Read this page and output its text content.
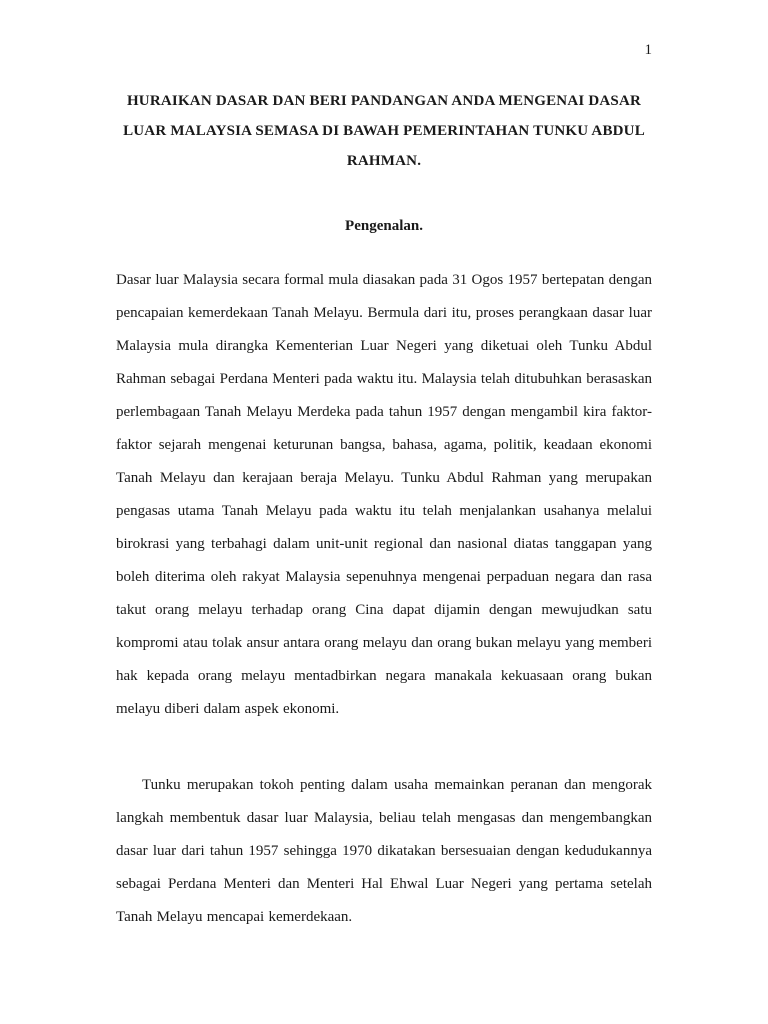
1

HURAIKAN DASAR DAN BERI PANDANGAN ANDA MENGENAI DASAR LUAR MALAYSIA SEMASA DI BAWAH PEMERINTAHAN TUNKU ABDUL RAHMAN.
Pengenalan.

Dasar luar Malaysia secara formal mula diasakan pada 31 Ogos 1957 bertepatan dengan pencapaian kemerdekaan Tanah Melayu. Bermula dari itu, proses perangkaan dasar luar Malaysia mula dirangka Kementerian Luar Negeri yang diketuai oleh Tunku Abdul Rahman sebagai Perdana Menteri pada waktu itu. Malaysia telah ditubuhkan berasaskan perlembagaan Tanah Melayu Merdeka pada tahun 1957 dengan mengambil kira faktor-faktor sejarah mengenai keturunan bangsa, bahasa, agama, politik, keadaan ekonomi Tanah Melayu dan kerajaan beraja Melayu. Tunku Abdul Rahman yang merupakan pengasas utama Tanah Melayu pada waktu itu telah menjalankan usahanya melalui birokrasi yang terbahagi dalam unit-unit regional dan nasional diatas tanggapan yang boleh diterima oleh rakyat Malaysia sepenuhnya mengenai perpaduan negara dan rasa takut orang melayu terhadap orang Cina dapat dijamin dengan mewujudkan satu kompromi atau tolak ansur antara orang melayu dan orang bukan melayu yang memberi hak kepada orang melayu mentadbirkan negara manakala kekuasaan orang bukan melayu diberi dalam aspek ekonomi.

Tunku merupakan tokoh penting dalam usaha memainkan peranan dan mengorak langkah membentuk dasar luar Malaysia, beliau telah mengasas dan mengembangkan dasar luar dari tahun 1957 sehingga 1970 dikatakan bersesuaian dengan kedudukannya sebagai Perdana Menteri dan Menteri Hal Ehwal Luar Negeri yang pertama setelah Tanah Melayu mencapai kemerdekaan.
